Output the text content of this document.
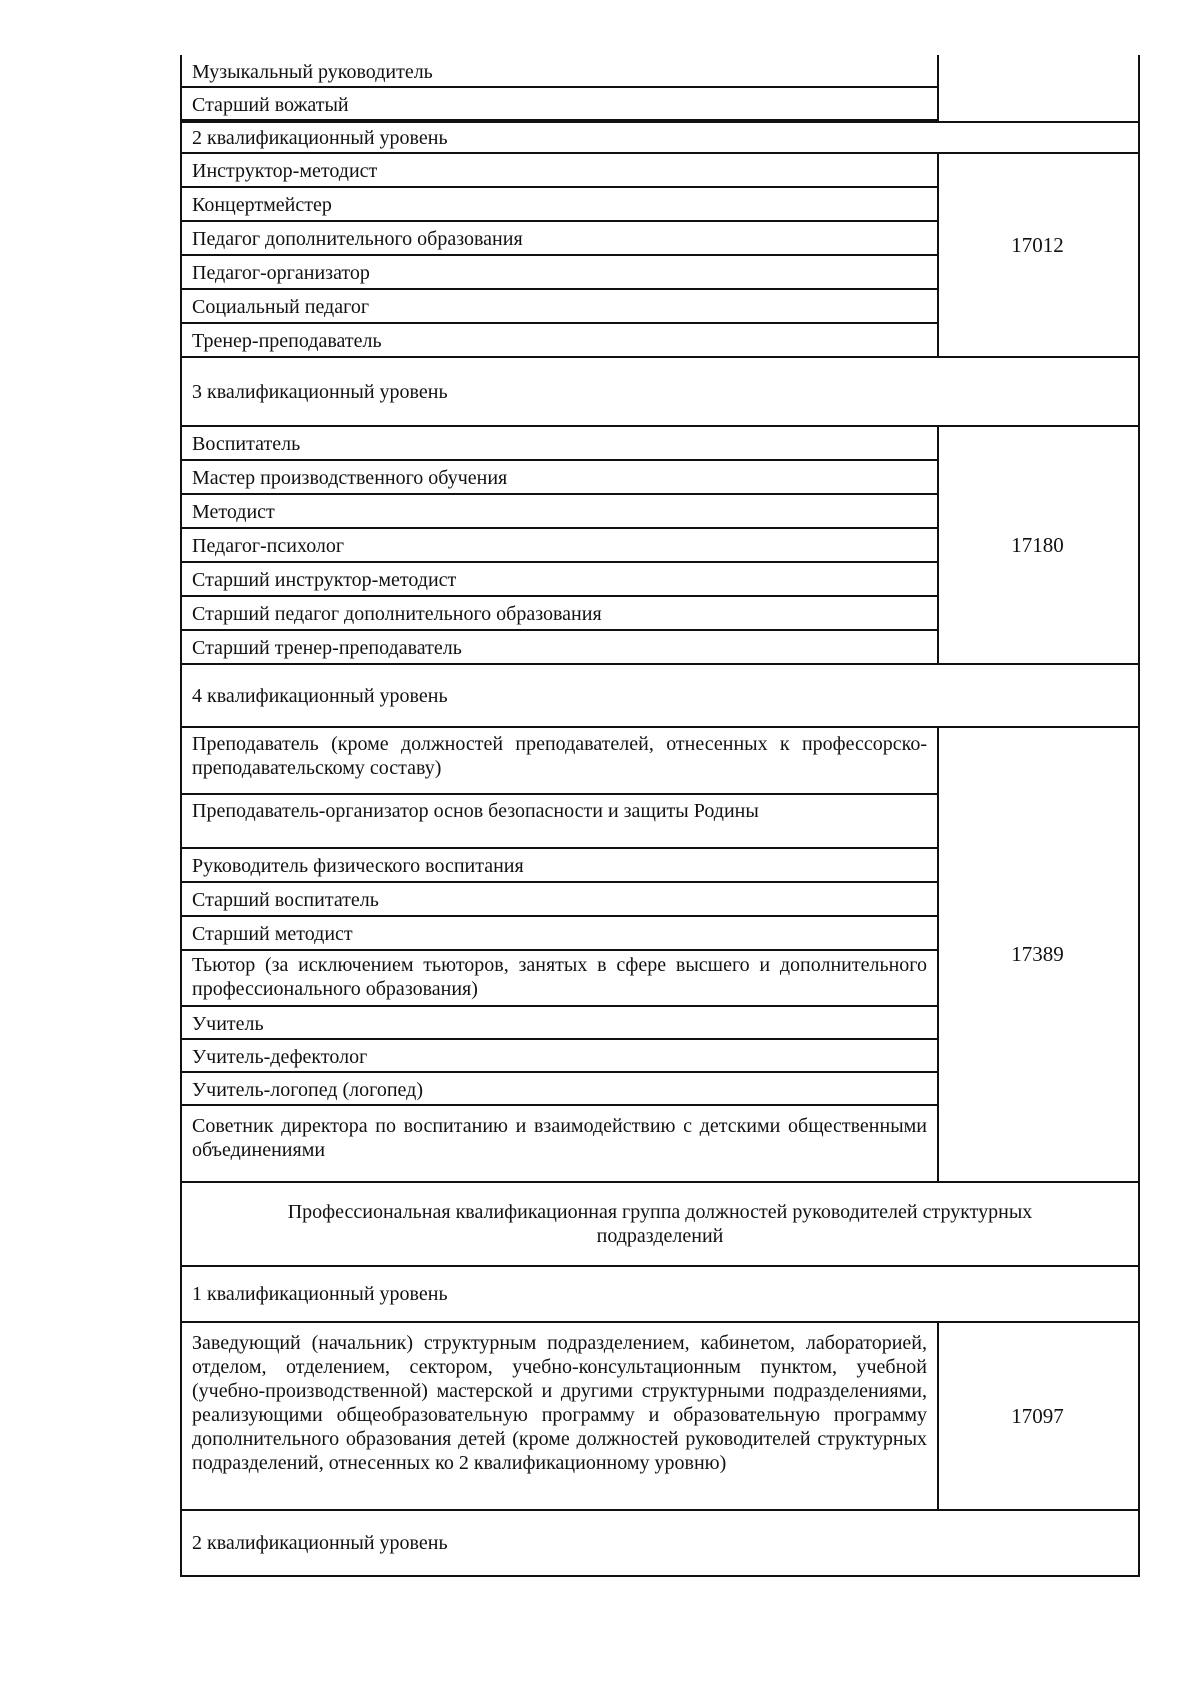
Музыкальный руководитель
Старший вожатый
2 квалификационный уровень
Инструктор-методист
Концертмейстер
Педагог дополнительного образования
Педагог-организатор
Социальный педагог
Тренер-преподаватель
17012
3 квалификационный уровень
Воспитатель
Мастер производственного обучения
Методист
Педагог-психолог
Старший инструктор-методист
Старший педагог дополнительного образования
Старший тренер-преподаватель
17180
4 квалификационный уровень
Преподаватель (кроме должностей преподавателей, отнесенных к профессорско-преподавательскому составу)
Преподаватель-организатор основ безопасности и защиты Родины
Руководитель физического воспитания
Старший воспитатель
Старший методист
Тьютор (за исключением тьюторов, занятых в сфере высшего и дополнительного профессионального образования)
Учитель
Учитель-дефектолог
Учитель-логопед (логопед)
Советник директора по воспитанию и взаимодействию с детскими общественными объединениями
17389
Профессиональная квалификационная группа должностей руководителей структурных подразделений
1 квалификационный уровень
Заведующий (начальник) структурным подразделением, кабинетом, лабораторией, отделом, отделением, сектором, учебно-консультационным пунктом, учебной (учебно-производственной) мастерской и другими структурными подразделениями, реализующими общеобразовательную программу и образовательную программу дополнительного образования детей (кроме должностей руководителей структурных подразделений, отнесенных ко 2 квалификационному уровню)
17097
2 квалификационный уровень
